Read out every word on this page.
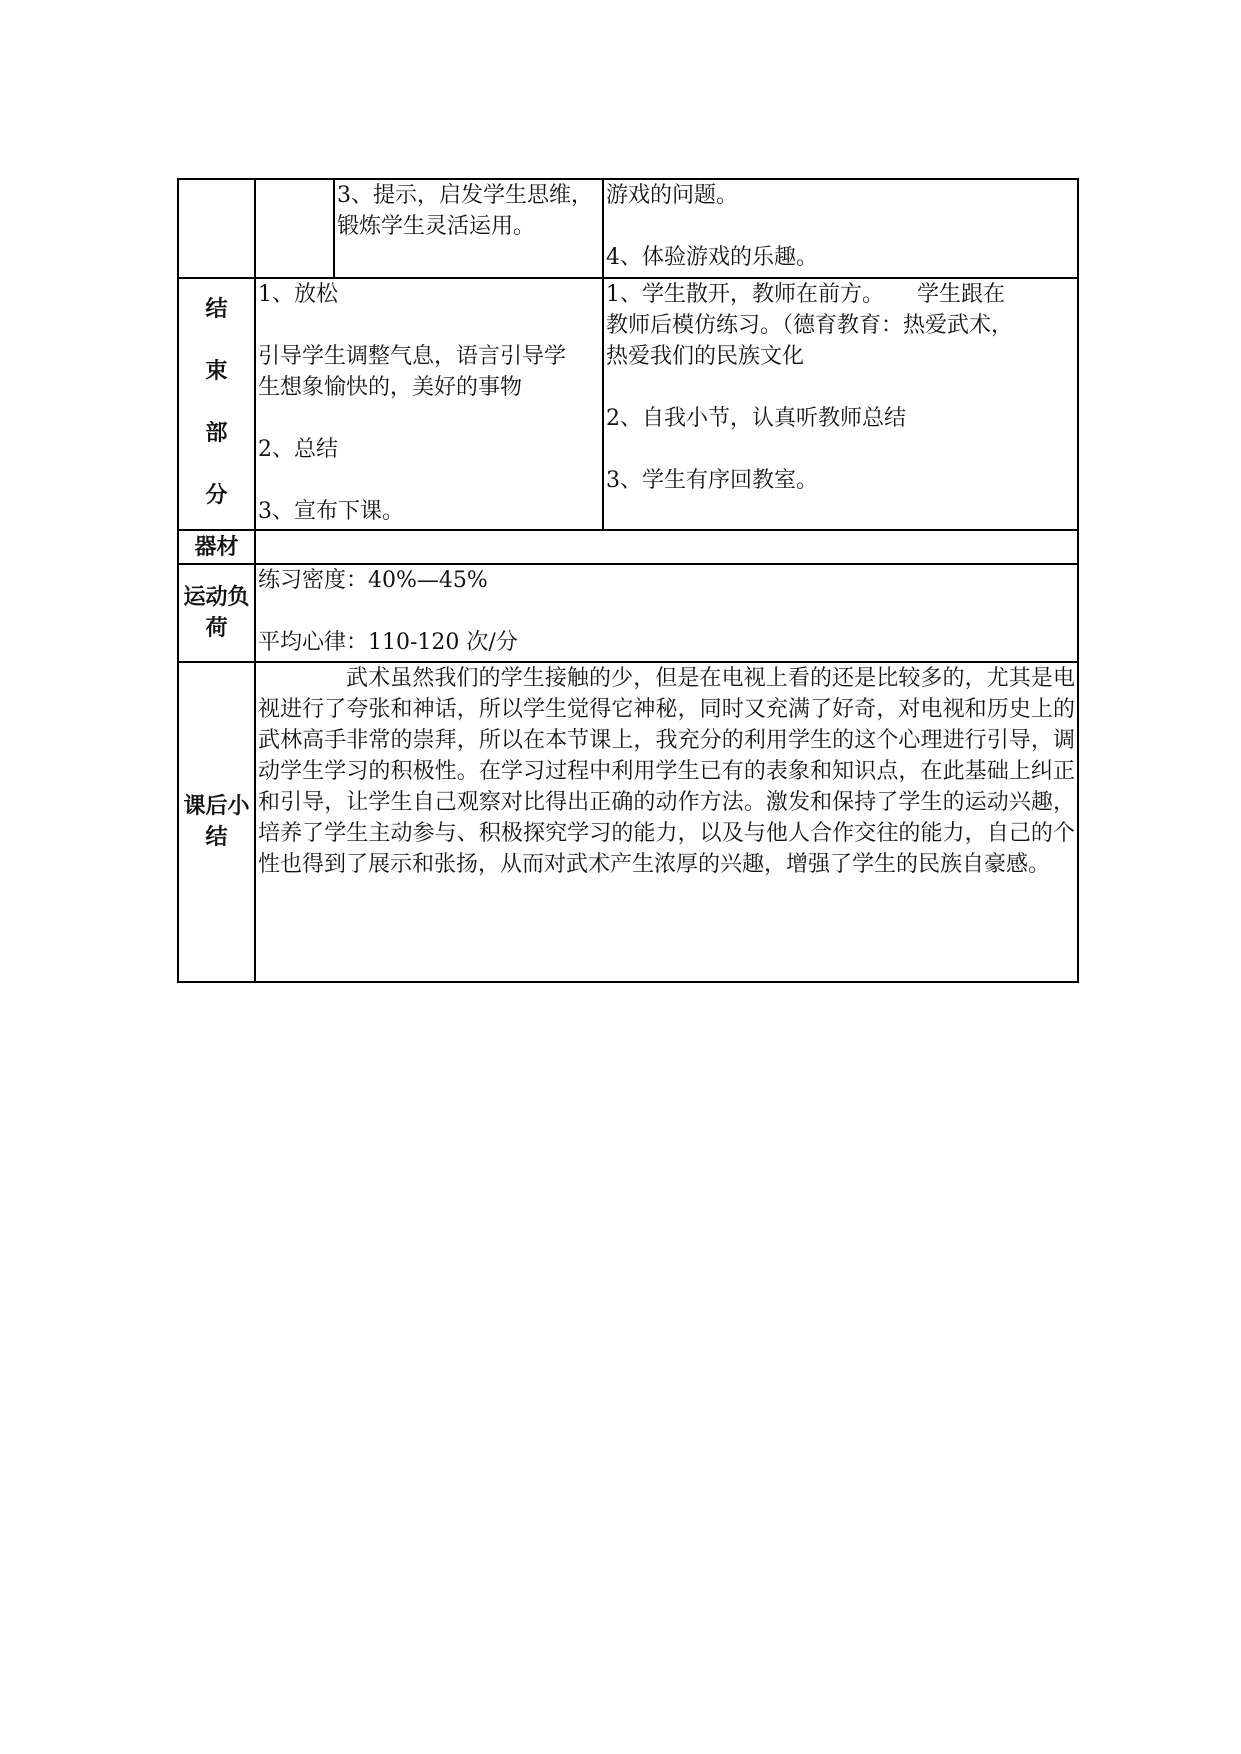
		3、提示，启发学生思维，
锻炼学生灵活运用。	游戏的问题。
4、体验游戏的乐趣。

结
束
部
分	1、放松
引导学生调整气息，语言引导学
生想象愉快的，美好的事物
2、总结
3、宣布下课。		1、学生散开，教师在前方。　　学生跟在
教师后模仿练习。（德育教育：热爱武术，
热爱我们的民族文化
2、自我小节，认真听教师总结
3、学生有序回教室。

器材			

运动负
荷	练习密度：40%—45%
平均心律：110-120 次/分		

课后小
结	武术虽然我们的学生接触的少，但是在电视上看的还是比较多的，尤其是电视进行了夸张和神话，所以学生觉得它神秘，同时又充满了好奇，对电视和历史上的武林高手非常的崇拜，所以在本节课上，我充分的利用学生的这个心理进行引导，调动学生学习的积极性。在学习过程中利用学生已有的表象和知识点，在此基础上纠正和引导，让学生自己观察对比得出正确的动作方法。激发和保持了学生的运动兴趣，培养了学生主动参与、积极探究学习的能力，以及与他人合作交往的能力，自己的个性也得到了展示和张扬，从而对武术产生浓厚的兴趣，增强了学生的民族自豪感。		
